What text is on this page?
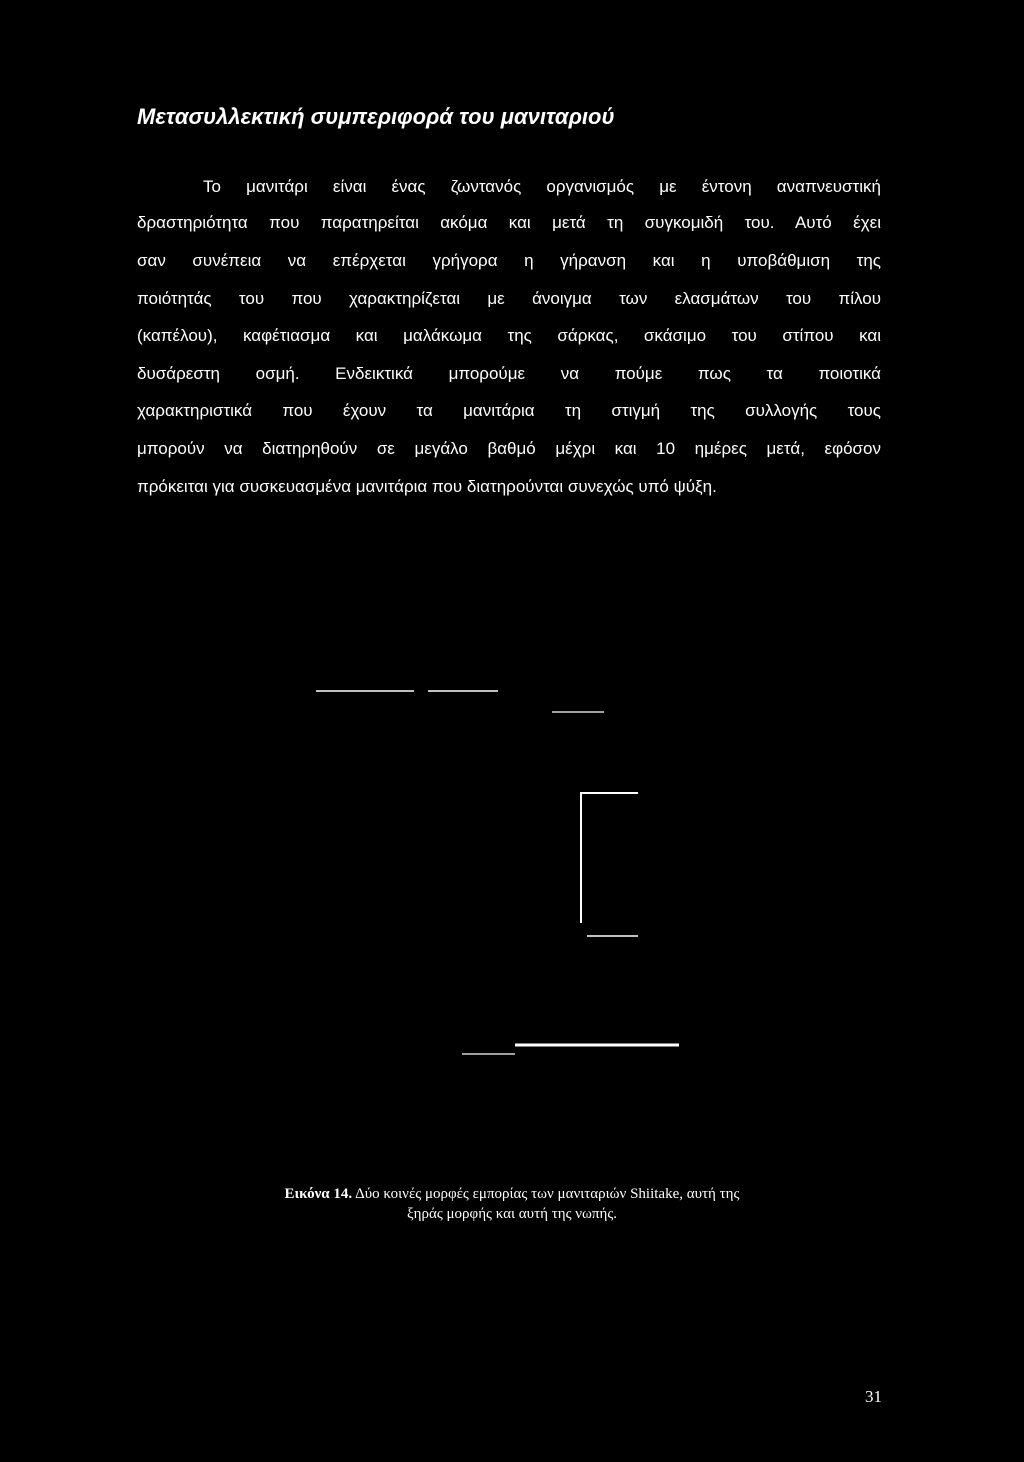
Μετασυλλεκτική συμπεριφορά του μανιταριού
Το μανιτάρι είναι ένας ζωντανός οργανισμός με έντονη αναπνευστική
δραστηριότητα που παρατηρείται ακόμα και μετά τη συγκομιδή του. Αυτό έχει
σαν συνέπεια να επέρχεται γρήγορα η γήρανση και η υποβάθμιση της
ποιότητάς του που χαρακτηρίζεται με άνοιγμα των ελασμάτων του πίλου
(καπέλου), καφέτιασμα και μαλάκωμα της σάρκας, σκάσιμο του στίπου και
δυσάρεστη οσμή. Ενδεικτικά μπορούμε να πούμε πως τα ποιοτικά
χαρακτηριστικά που έχουν τα μανιτάρια τη στιγμή της συλλογής τους
μπορούν να διατηρηθούν σε μεγάλο βαθμό μέχρι και 10 ημέρες μετά, εφόσον
πρόκειται για συσκευασμένα μανιτάρια που διατηρούνται συνεχώς υπό ψύξη.
Εικόνα 14. Δύο κοινές μορφές εμπορίας των μανιταριών Shiitake, αυτή της
ξηράς μορφής και αυτή της νωπής.
31
